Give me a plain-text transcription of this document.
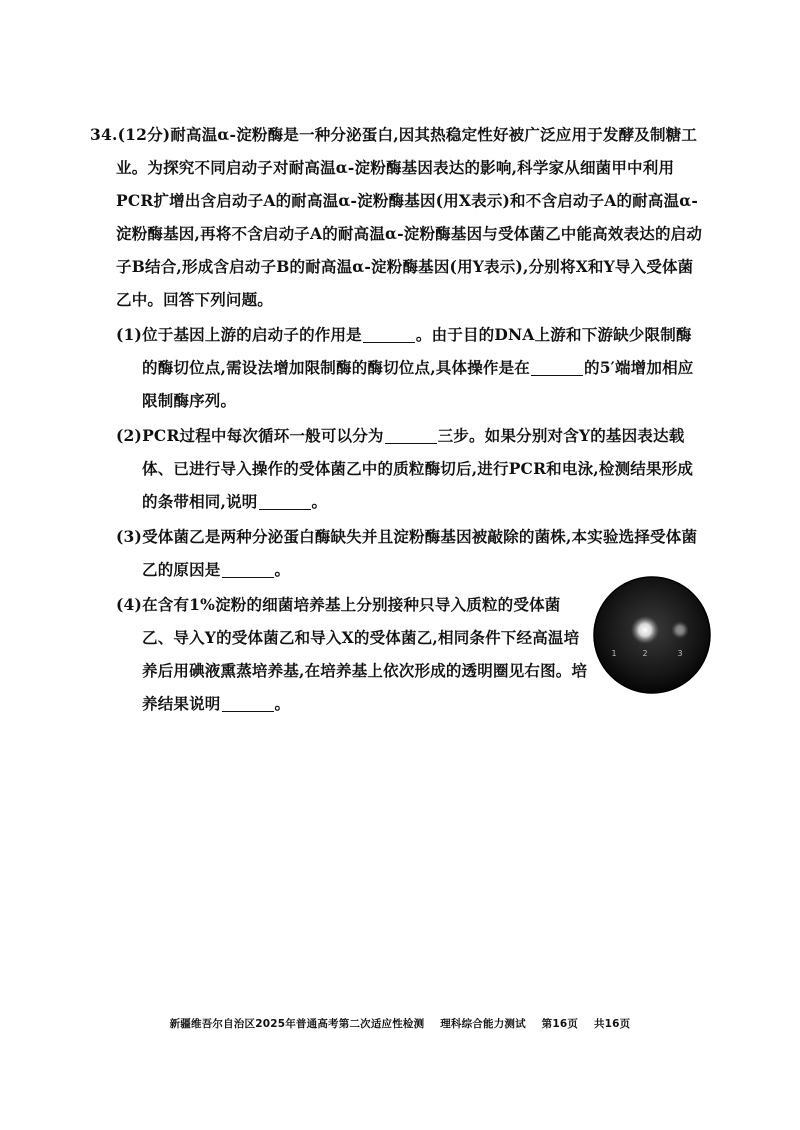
34.(12分)耐高温α-淀粉酶是一种分泌蛋白,因其热稳定性好被广泛应用于发酵及制糖工业。为探究不同启动子对耐高温α-淀粉酶基因表达的影响,科学家从细菌甲中利用PCR扩增出含启动子A的耐高温α-淀粉酶基因(用X表示)和不含启动子A的耐高温α-淀粉酶基因,再将不含启动子A的耐高温α-淀粉酶基因与受体菌乙中能高效表达的启动子B结合,形成含启动子B的耐高温α-淀粉酶基因(用Y表示),分别将X和Y导入受体菌乙中。回答下列问题。
(1)位于基因上游的启动子的作用是	。由于目的DNA上游和下游缺少限制酶的酶切位点,需设法增加限制酶的酶切位点,具体操作是在	的5′端增加相应限制酶序列。
(2)PCR过程中每次循环一般可以分为	三步。如果分别对含Y的基因表达载体、已进行导入操作的受体菌乙中的质粒酶切后,进行PCR和电泳,检测结果形成的条带相同,说明	。
(3)受体菌乙是两种分泌蛋白酶缺失并且淀粉酶基因被敲除的菌株,本实验选择受体菌乙的原因是	。
(4)在含有1%淀粉的细菌培养基上分别接种只导入质粒的受体菌乙、导入Y的受体菌乙和导入X的受体菌乙,相同条件下经高温培养后用碘液熏蒸培养基,在培养基上依次形成的透明圈见右图。培养结果说明	。
1	2	3
新疆维吾尔自治区2025年普通高考第二次适应性检测 理科综合能力测试 第16页 共16页
